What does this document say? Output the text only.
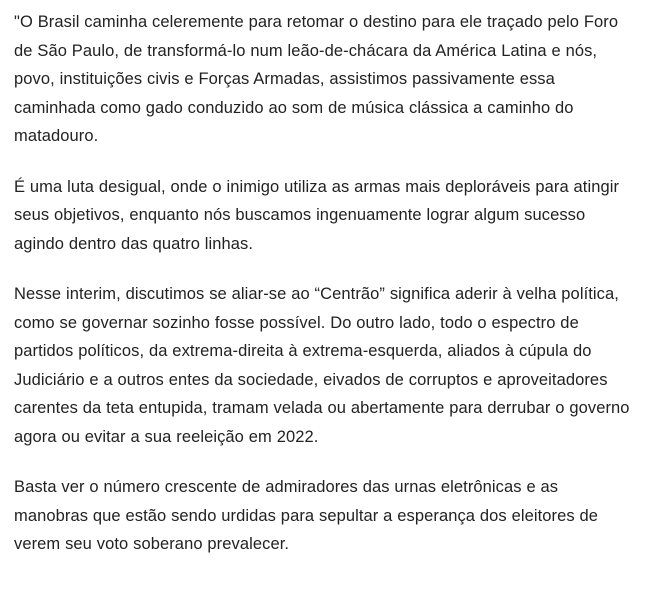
"O Brasil caminha celeremente para retomar o destino para ele traçado pelo Foro de São Paulo, de transformá-lo num leão-de-chácara da América Latina e nós, povo, instituições civis e Forças Armadas, assistimos passivamente essa caminhada como gado conduzido ao som de música clássica a caminho do matadouro.

É uma luta desigual, onde o inimigo utiliza as armas mais deploráveis para atingir seus objetivos, enquanto nós buscamos ingenuamente lograr algum sucesso agindo dentro das quatro linhas.

Nesse interim, discutimos se aliar-se ao “Centrão” significa aderir à velha política, como se governar sozinho fosse possível. Do outro lado, todo o espectro de partidos políticos, da extrema-direita à extrema-esquerda, aliados à cúpula do Judiciário e a outros entes da sociedade, eivados de corruptos e aproveitadores carentes da teta entupida, tramam velada ou abertamente para derrubar o governo agora ou evitar a sua reeleição em 2022.

Basta ver o número crescente de admiradores das urnas eletrônicas e as manobras que estão sendo urdidas para sepultar a esperança dos eleitores de verem seu voto soberano prevalecer.
